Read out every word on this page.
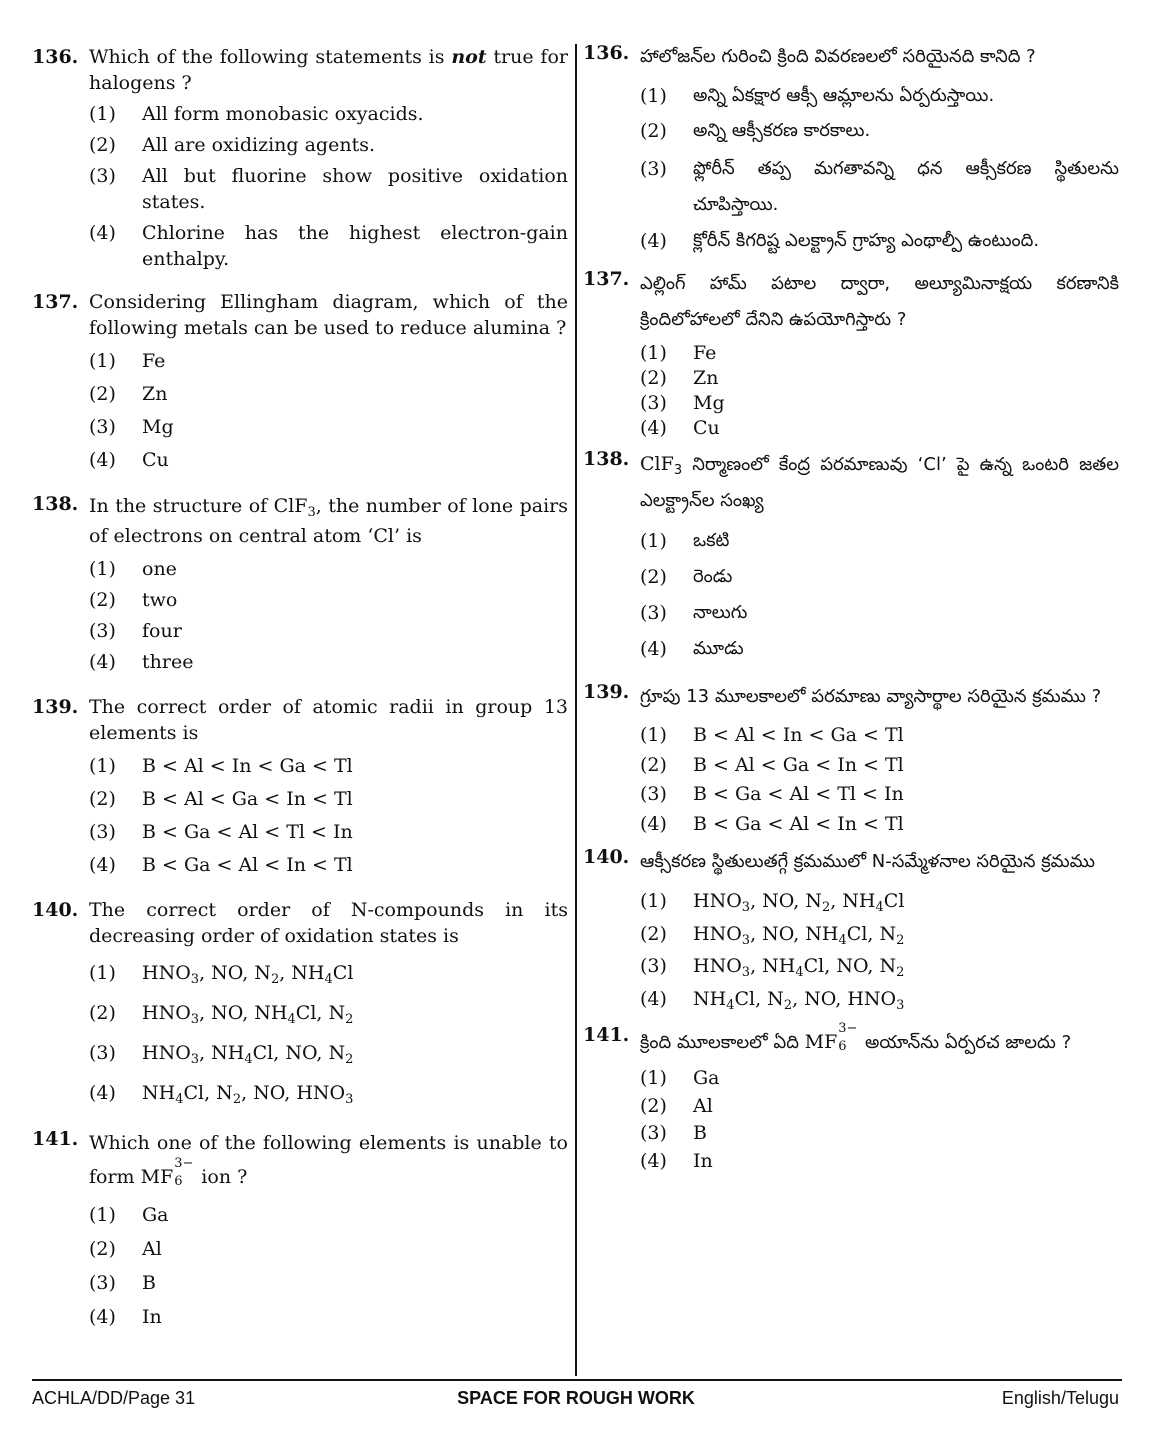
136. Which of the following statements is not true for halogens ?
(1) All form monobasic oxyacids.
(2) All are oxidizing agents.
(3) All but fluorine show positive oxidation states.
(4) Chlorine has the highest electron-gain enthalpy.
137. Considering Ellingham diagram, which of the following metals can be used to reduce alumina ?
(1) Fe
(2) Zn
(3) Mg
(4) Cu
138. In the structure of ClF$_3$, the number of lone pairs of electrons on central atom ‘Cl’ is
(1) one
(2) two
(3) four
(4) three
139. The correct order of atomic radii in group 13 elements is
(1) B < Al < In < Ga < Tl
(2) B < Al < Ga < In < Tl
(3) B < Ga < Al < Tl < In
(4) B < Ga < Al < In < Tl
140. The correct order of N-compounds in its decreasing order of oxidation states is
(1) $HNO_3$, NO, $N_2$, $NH_4Cl$
(2) $HNO_3$, NO, $NH_4Cl$, $N_2$
(3) $HNO_3$, $NH_4Cl$, NO, $N_2$
(4) $NH_4Cl$, $N_2$, NO, $HNO_3$
141. Which one of the following elements is unable to form MF
3−
6 ion ?
(1) Ga
(2) Al
(3) B
(4) In
136. హాలోజన్‌ల గురించి క్రింది వివరణలలో సరియైనది కానిది ?
(1) అన్ని ఏకక్షార ఆక్సీ ఆమ్లాలను ఏర్పరుస్తాయి.
(2) అన్ని ఆక్సీకరణ కారకాలు.
(3) ఫ్లోరీన్ తప్ప మగతావన్ని ధన ఆక్సీకరణ స్థితులను చూపిస్తాయి.
(4) క్లోరీన్ కిగరిష్ట ఎలక్ట్రాన్ గ్రాహ్య ఎంథాల్పీ ఉంటుంది.
137. ఎల్లింగ్ హామ్ పటాల ద్వారా, అల్యూమినాక్షయ కరణానికి క్రిందిలోహాలలో దేనిని ఉపయోగిస్తారు ?
(1) Fe
(2) Zn
(3) Mg
(4) Cu
138. ClF$_3$ నిర్మాణంలో కేంద్ర పరమాణువు ‘Cl’ పై ఉన్న ఒంటరి జతల ఎలక్ట్రాన్‌ల సంఖ్య
(1) ఒకటి
(2) రెండు
(3) నాలుగు
(4) మూడు
139. గ్రూపు 13 మూలకాలలో పరమాణు వ్యాసార్థాల సరియైన క్రమము ?
(1) B < Al < In < Ga < Tl
(2) B < Al < Ga < In < Tl
(3) B < Ga < Al < Tl < In
(4) B < Ga < Al < In < Tl
140. ఆక్సీకరణ స్థితులుతగ్గే క్రమములో N-సమ్మేళనాల సరియైన క్రమము
(1) $HNO_3$, NO, $N_2$, $NH_4Cl$
(2) $HNO_3$, NO, $NH_4Cl$, $N_2$
(3) $HNO_3$, $NH_4Cl$, NO, $N_2$
(4) $NH_4Cl$, $N_2$, NO, $HNO_3$
141. క్రింది మూలకాలలో ఏది MF
3−
6 అయాన్‌ను ఏర్పరచ జాలదు ?
(1) Ga
(2) Al
(3) B
(4) In
ACHLA/DD/Page 31	SPACE FOR ROUGH WORK	English/Telugu
